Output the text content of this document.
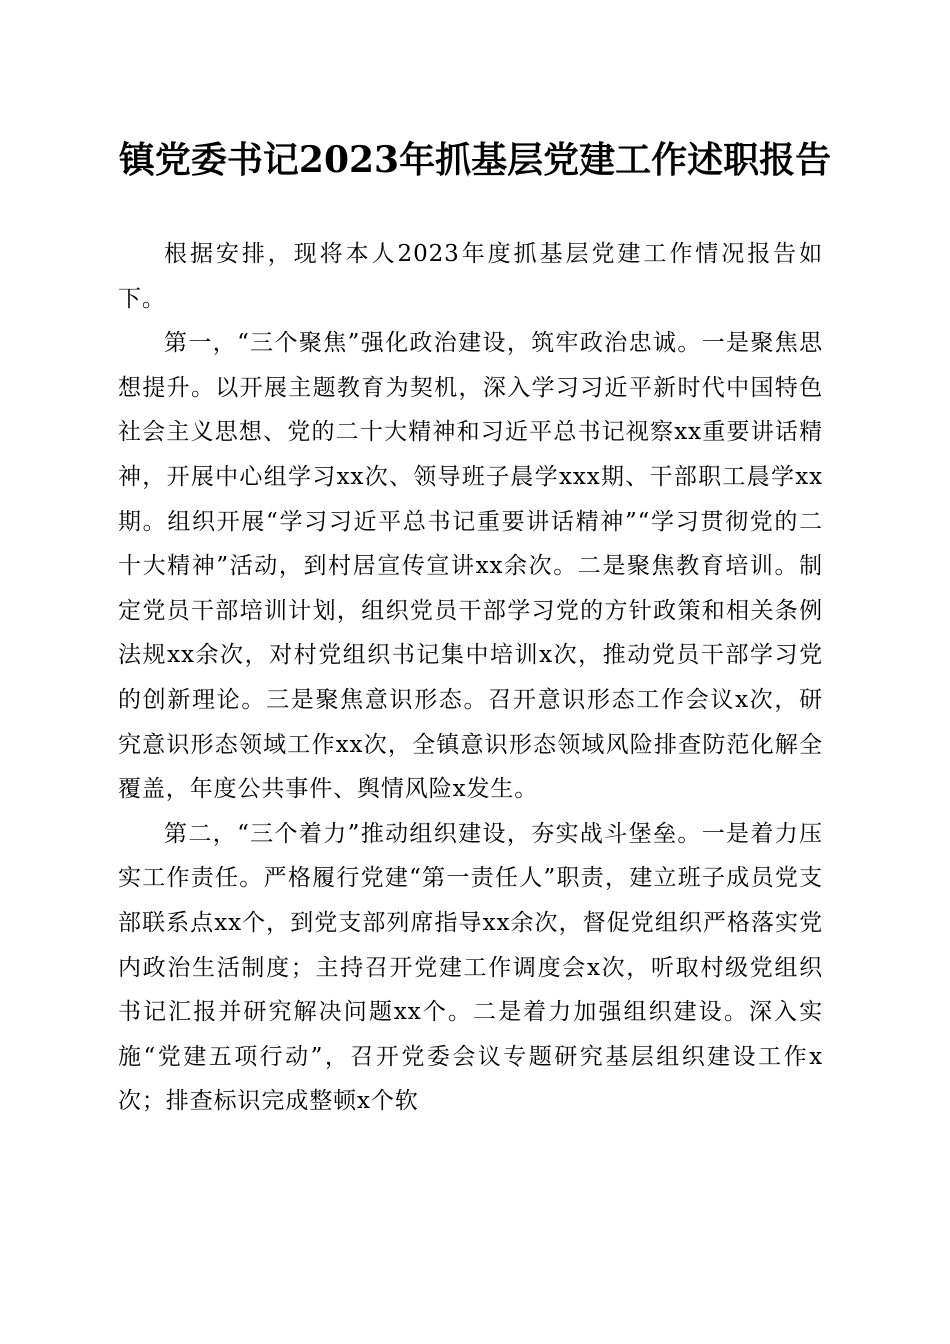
镇党委书记2023年抓基层党建工作述职报告

根据安排，现将本人2023年度抓基层党建工作情况报告如下。

第一，“三个聚焦”强化政治建设，筑牢政治忠诚。一是聚焦思想提升。以开展主题教育为契机，深入学习习近平新时代中国特色社会主义思想、党的二十大精神和习近平总书记视察xx重要讲话精神，开展中心组学习xx次、领导班子晨学xxx期、干部职工晨学xx期。组织开展“学习习近平总书记重要讲话精神”“学习贯彻党的二十大精神”活动，到村居宣传宣讲xx余次。二是聚焦教育培训。制定党员干部培训计划，组织党员干部学习党的方针政策和相关条例法规xx余次，对村党组织书记集中培训x次，推动党员干部学习党的创新理论。三是聚焦意识形态。召开意识形态工作会议x次，研究意识形态领域工作xx次，全镇意识形态领域风险排查防范化解全覆盖，年度公共事件、舆情风险x发生。

第二，“三个着力”推动组织建设，夯实战斗堡垒。一是着力压实工作责任。严格履行党建“第一责任人”职责，建立班子成员党支部联系点xx个，到党支部列席指导xx余次，督促党组织严格落实党内政治生活制度；主持召开党建工作调度会x次，听取村级党组织书记汇报并研究解决问题xx个。二是着力加强组织建设。深入实施“党建五项行动”，召开党委会议专题研究基层组织建设工作x次；排查标识完成整顿x个软
